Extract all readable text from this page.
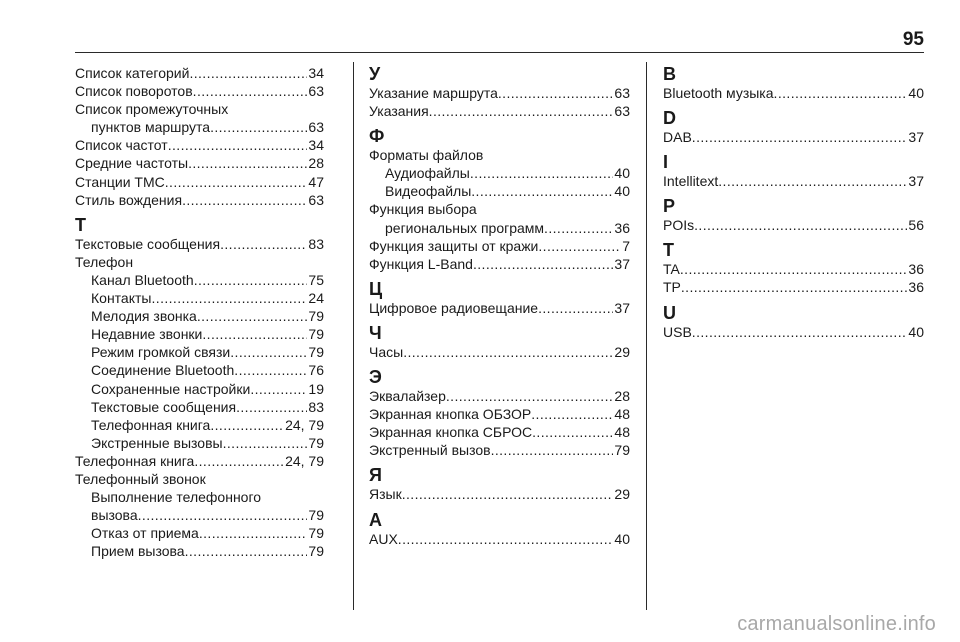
95
Список категорий .....	34
Список поворотов .....	63
Список промежуточных
пунктов маршрута .....	63
Список частот .....	34
Средние частоты .....	28
Станции TMC .....	47
Стиль вождения .....	63
Т
Текстовые сообщения .....	83
Телефон
Канал Bluetooth .....	75
Контакты .....	24
Мелодия звонка .....	79
Недавние звонки .....	79
Режим громкой связи .....	79
Соединение Bluetooth .....	76
Сохраненные настройки .....	19
Текстовые сообщения .....	83
Телефонная книга .....	24, 79
Экстренные вызовы .....	79
Телефонная книга .....	24, 79
Телефонный звонок
Выполнение телефонного
вызова .....	79
Отказ от приема .....	79
Прием вызова .....	79
У
Указание маршрута .....	63
Указания .....	63
Ф
Форматы файлов
Аудиофайлы .....	40
Видеофайлы .....	40
Функция выбора
региональных программ .....	36
Функция защиты от кражи .....	7
Функция L-Band .....	37
Ц
Цифровое радиовещание .....	37
Ч
Часы .....	29
Э
Эквалайзер .....	28
Экранная кнопка ОБЗОР .....	48
Экранная кнопка СБРОС .....	48
Экстренный вызов .....	79
Я
Язык .....	29
A
AUX .....	40
B
Bluetooth музыка .....	40
D
DAB .....	37
I
Intellitext .....	37
P
POIs .....	56
T
TA .....	36
TP .....	36
U
USB .....	40
carmanualsonline.info
